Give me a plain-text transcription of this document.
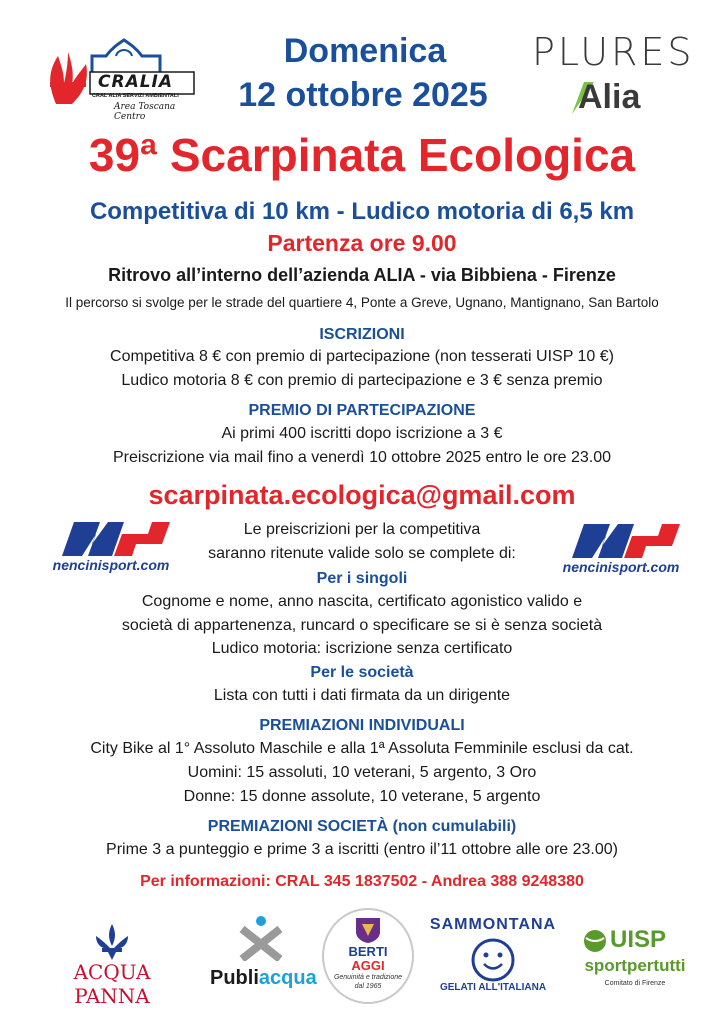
CRALIA
CRAL ALIA SERVIZI AMBIENTALI
Area Toscana Centro
PLURES
Alia
Domenica
12 ottobre 2025
39ª Scarpinata Ecologica
Competitiva di 10 km - Ludico motoria di 6,5 km
Partenza ore 9.00
Ritrovo all’interno dell’azienda ALIA - via Bibbiena - Firenze
Il percorso si svolge per le strade del quartiere 4, Ponte a Greve, Ugnano, Mantignano, San Bartolo
ISCRIZIONI
Competitiva 8 € con premio di partecipazione (non tesserati UISP 10 €)
Ludico motoria 8 € con premio di partecipazione e 3 € senza premio
PREMIO DI PARTECIPAZIONE
Ai primi 400 iscritti dopo iscrizione a 3 €
Preiscrizione via mail fino a venerdì 10 ottobre 2025 entro le ore 23.00
scarpinata.ecologica@gmail.com
nencinisport.com	nencinisport.com
Le preiscrizioni per la competitiva
saranno ritenute valide solo se complete di:
Per i singoli
Cognome e nome, anno nascita, certificato agonistico valido e
società di appartenenza, runcard o specificare se si è senza società
Ludico motoria: iscrizione senza certificato
Per le società
Lista con tutti i dati firmata da un dirigente
PREMIAZIONI INDIVIDUALI
City Bike al 1° Assoluto Maschile e alla 1ª Assoluta Femminile esclusi da cat.
Uomini: 15 assoluti, 10 veterani, 5 argento, 3 Oro
Donne: 15 donne assolute, 10 veterane, 5 argento
PREMIAZIONI SOCIETÀ (non cumulabili)
Prime 3 a punteggio e prime 3 a iscritti (entro il’11 ottobre alle ore 23.00)
Per informazioni: CRAL 345 1837502 - Andrea 388 9248380
ACQUA PANNA
Publiacqua
BERTI
AGGI
Genuinità e tradizione
dal 1965
SAMMONTANA
GELATI ALL'ITALIANA
UISP
sportpertutti
Comitato di Firenze
